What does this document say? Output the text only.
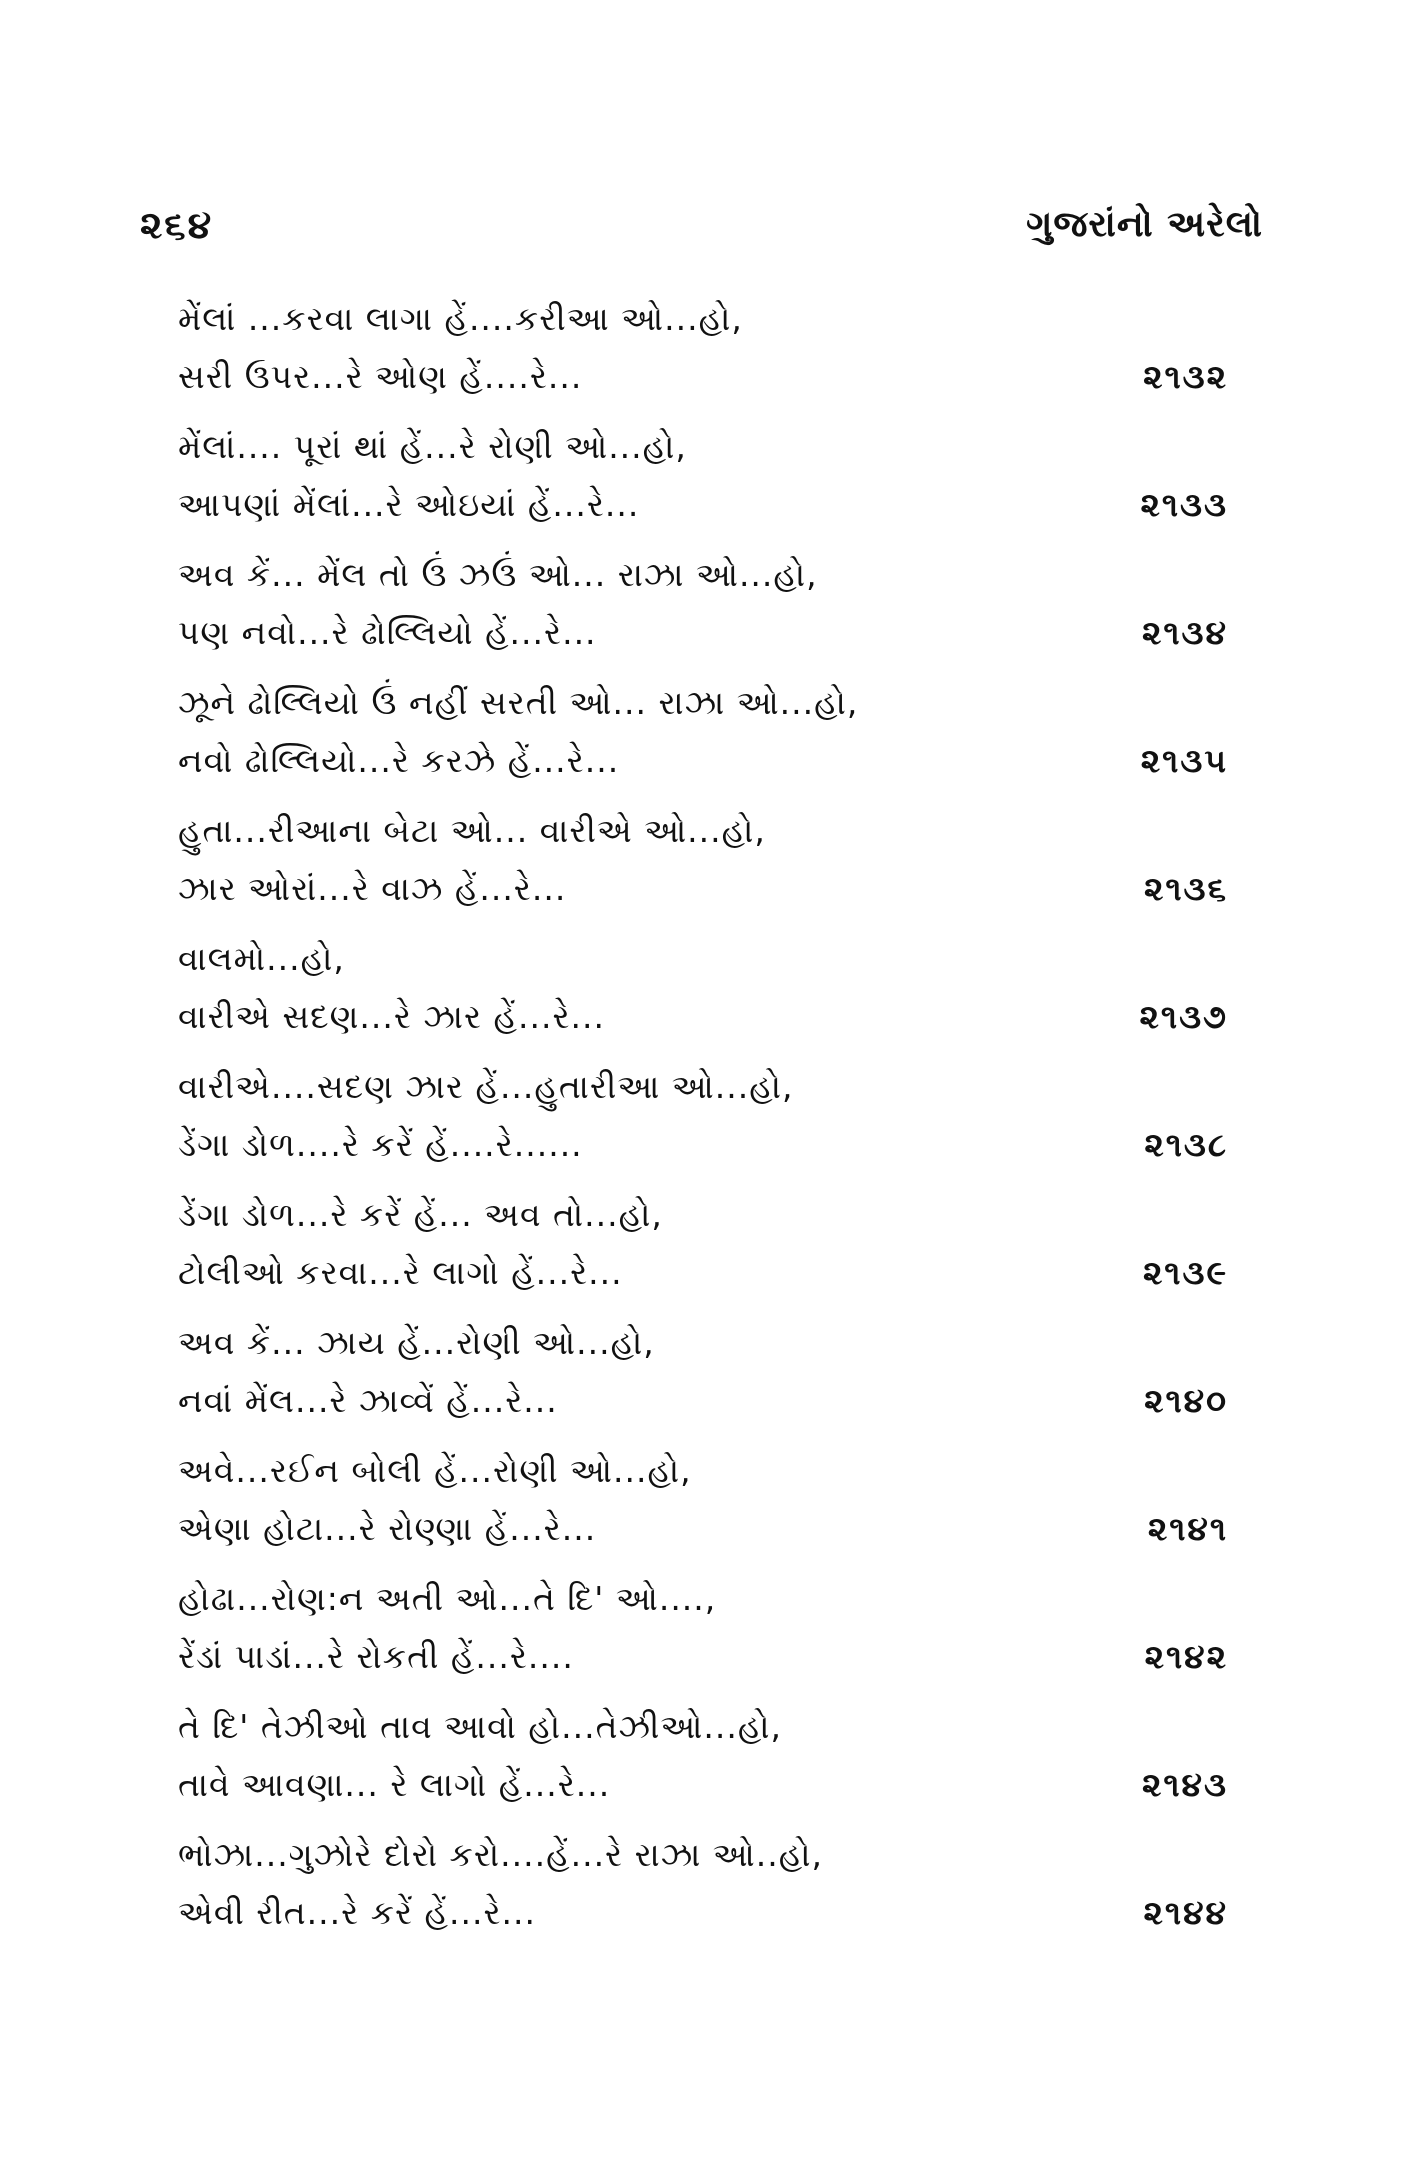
૨૬૪	ગુજરાંનો અરેલો
મેંલાં ...કરવા લાગા હેં....કરીઆ ઓ...હો,
સરી ઉપર...રે ઓણ હેં....રે...	૨૧૩૨
મેંલાં.... પૂરાં થાં હેં...રે રોણી ઓ...હો,
આપણાં મેંલાં...રે ઓઇયાં હેં...રે...	૨૧૩૩
અવ કેં... મેંલ તો ઉં ઝઉં ઓ... રાઝા ઓ...હો,
પણ નવો...રે ઢોલ્લિયો હેં...રે...	૨૧૩૪
ઝૂને ઢોલ્લિયો ઉં નહીં સરતી ઓ... રાઝા ઓ...હો,
નવો ઢોલ્લિયો...રે કરઝે હેં...રે...	૨૧૩૫
હુતા...રીઆના બેટા ઓ... વારીએ ઓ...હો,
ઝાર ઓરાં...રે વાઝ હેં...રે...	૨૧૩૬
વાલમો...હો,
વારીએ સદણ...રે ઝાર હેં...રે...	૨૧૩૭
વારીએ....સદણ ઝાર હેં...હુતારીઆ ઓ...હો,
ડેંગા ડોળ....રે કરેં હેં....રે......	૨૧૩૮
ડેંગા ડોળ...રે કરેં હેં... અવ તો...હો,
ટોલીઓ કરવા...રે લાગો હેં...રે...	૨૧૩૯
અવ કેં... ઝાય હેં...રોણી ઓ...હો,
નવાં મેંલ...રે ઝાવ્વેં હેં...રે...	૨૧૪૦
અવે...રઈન બોલી હેં...રોણી ઓ...હો,
એણા હોટા...રે રોણ્ણા હેં...રે...	૨૧૪૧
હોઢા...રોણ:ન અતી ઓ...તે દિ' ઓ....,
રેંડાં પાડાં...રે રોકતી હેં...રે....	૨૧૪૨
તે દિ' તેઝીઓ તાવ આવો હો...તેઝીઓ...હો,
તાવે આવણા... રે લાગો હેં...રે...	૨૧૪૩
ભોઝા...ગુઝોરે દોરો કરો....હેં...રે રાઝા ઓ..હો,
એવી રીત...રે કરેં હેં...રે...	૨૧૪૪
